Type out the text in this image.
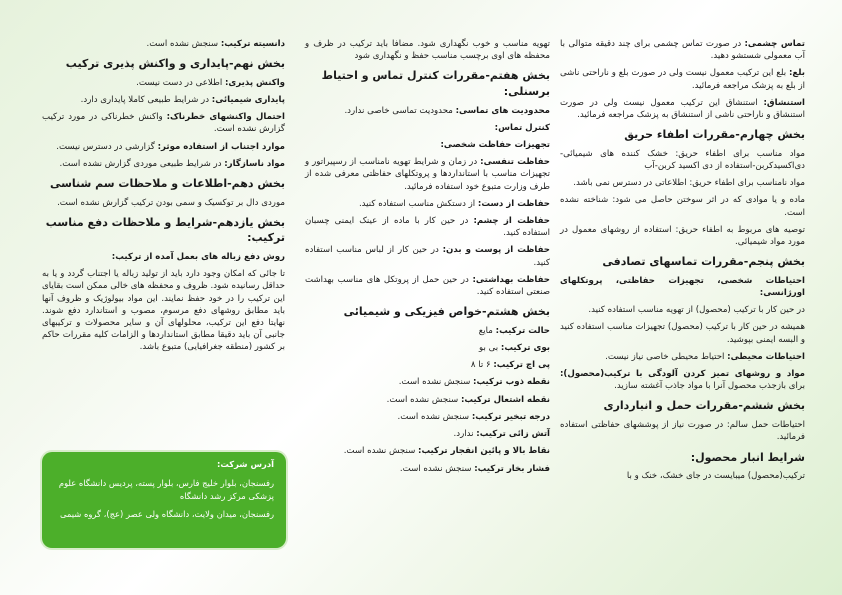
تماس چشمی: در صورت تماس چشمی برای چند دقیقه متوالی با آب معمولی شستشو دهید.

بلع: بلع این ترکیب معمول نیست ولی در صورت بلع و ناراحتی ناشی از بلع به پزشک مراجعه فرمائید.

استنشاق: استنشاق این ترکیب معمول نیست ولی در صورت استنشاق و ناراحتی ناشی از استنشاق به پزشک مراجعه فرمائید.

بخش چهارم-مقررات اطفاء حریق

مواد مناسب برای اطفاء حریق: خشک کننده های شیمیائی-دی‌اکسیدکربن-استفاده از دی اکسید کربن-آب

مواد نامناسب برای اطفاء حریق: اطلاعاتی در دسترس نمی باشد.

ماده و یا موادی که در اثر سوختن حاصل می شود: شناخته نشده است.

توصیه های مربوط به اطفاء حریق: استفاده از روشهای معمول در مورد مواد شیمیائی.

بخش پنجم-مقررات تماسهای تصادفی

احتیاطات شخصی، تجهیزات حفاظتی، پروتکلهای اورژانسی:

در حین کار با ترکیب (محصول) از تهویه مناسب استفاده کنید.

همیشه در حین کار با ترکیب (محصول) تجهیزات مناسب استفاده کنید و البسه ایمنی بپوشید.

احتیاطات محیطی: احتیاط محیطی خاصی نیاز نیست.

مواد و روشهای تمیز کردن آلودگی با ترکیب(محصول): برای بازجذب محصول آنرا با مواد جاذب آغشته سازید.

بخش ششم-مقررات حمل و انبارداری

احتیاطات حمل سالم: در صورت نیاز از پوششهای حفاظتی استفاده فرمائید.

شرایط انبار محصول:

ترکیب(محصول) میبایست در جای خشک، خنک و با

تهویه مناسب و خوب نگهداری شود. مضافا باید ترکیب در ظرف و محفظه های اوی برچسب مناسب حفظ و نگهداری شود

بخش هفتم-مقررات کنترل تماس و احتیاط برسنلی:

محدودیت های تماسی: محدودیت تماسی خاصی ندارد.

کنترل تماس:

تجهیزات حفاظت شخصی:

حفاظت تنفسی: در زمان و شرایط تهویه نامناسب از رسپیراتور و تجهیزات مناسب با استانداردها و پروتکلهای حفاظتی معرفی شده از طرف وزارت متبوع خود استفاده فرمائید.

حفاظت از دست: از دستکش مناسب استفاده کنید.

حفاظت از چشم: در حین کار با ماده از عینک ایمنی چسبان استفاده کنید.

حفاظت از پوست و بدن: در حین کار از لباس مناسب استفاده کنید.

حفاظت بهداشتی: در حین حمل از پروتکل های مناسب بهداشت صنعتی استفاده کنید.

بخش هشتم-خواص فیزیکی و شیمیائی

حالت ترکیب: مایع

بوی ترکیب: بی بو

پی اچ ترکیب: ۶ تا ۸

نقطه ذوب ترکیب: سنجش نشده است.

نقطه اشتعال ترکیب: سنجش نشده است.

درجه تبخیر ترکیب: سنجش نشده است.

آتش زائی ترکیب: ندارد.

نقاط بالا و پائین انفجار ترکیب: سنجش نشده است.

فشار بخار ترکیب: سنجش نشده است.

دانسیته ترکیب: سنجش نشده است.

بخش نهم-پایداری و واکنش پذیری ترکیب

واکنش پذیری: اطلاعی در دست نیست.

پایداری شیمیائی: در شرایط طبیعی کاملا پایداری دارد.

احتمال واکنشهای خطرناک: واکنش خطرناکی در مورد ترکیب گزارش نشده است.

موارد اجتناب از استفاده موثر: گزارشی در دسترس نیست.

مواد ناسازگار: در شرایط طبیعی موردی گزارش نشده است.

بخش دهم-اطلاعات و ملاحظات سم شناسی

موردی دال بر توکسیک و سمی بودن ترکیب گزارش نشده است.

بخش یازدهم-شرایط و ملاحظات دفع مناسب ترکیب:

روش دفع زباله های بعمل آمده از ترکیب:

تا جائی که امکان وجود دارد باید از تولید زباله یا اجتناب گردد و یا به حداقل رسانیده شود. ظروف و محفظه های خالی ممکن است بقایای این ترکیب را در خود حفظ نمایند. این مواد بیولوژیک و ظروف آنها باید مطابق روشهای دفع مرسوم، مصوب و استاندارد دفع شوند. نهایتا دفع این ترکیب، محلولهای آن و سایر محصولات و ترکیبهای جانبی آن باید دقیقا مطابق استانداردها و الزامات کلیه مقررات حاکم بر کشور (منطقه جغرافیایی) متبوع باشد.

آدرس شرکت:

رفسنجان، بلوار خلیج فارس، بلوار پسته، پردیس دانشگاه علوم پزشکی مرکز رشد دانشگاه

رفسنجان، میدان ولایت، دانشگاه ولی عصر (عج)، گروه شیمی
